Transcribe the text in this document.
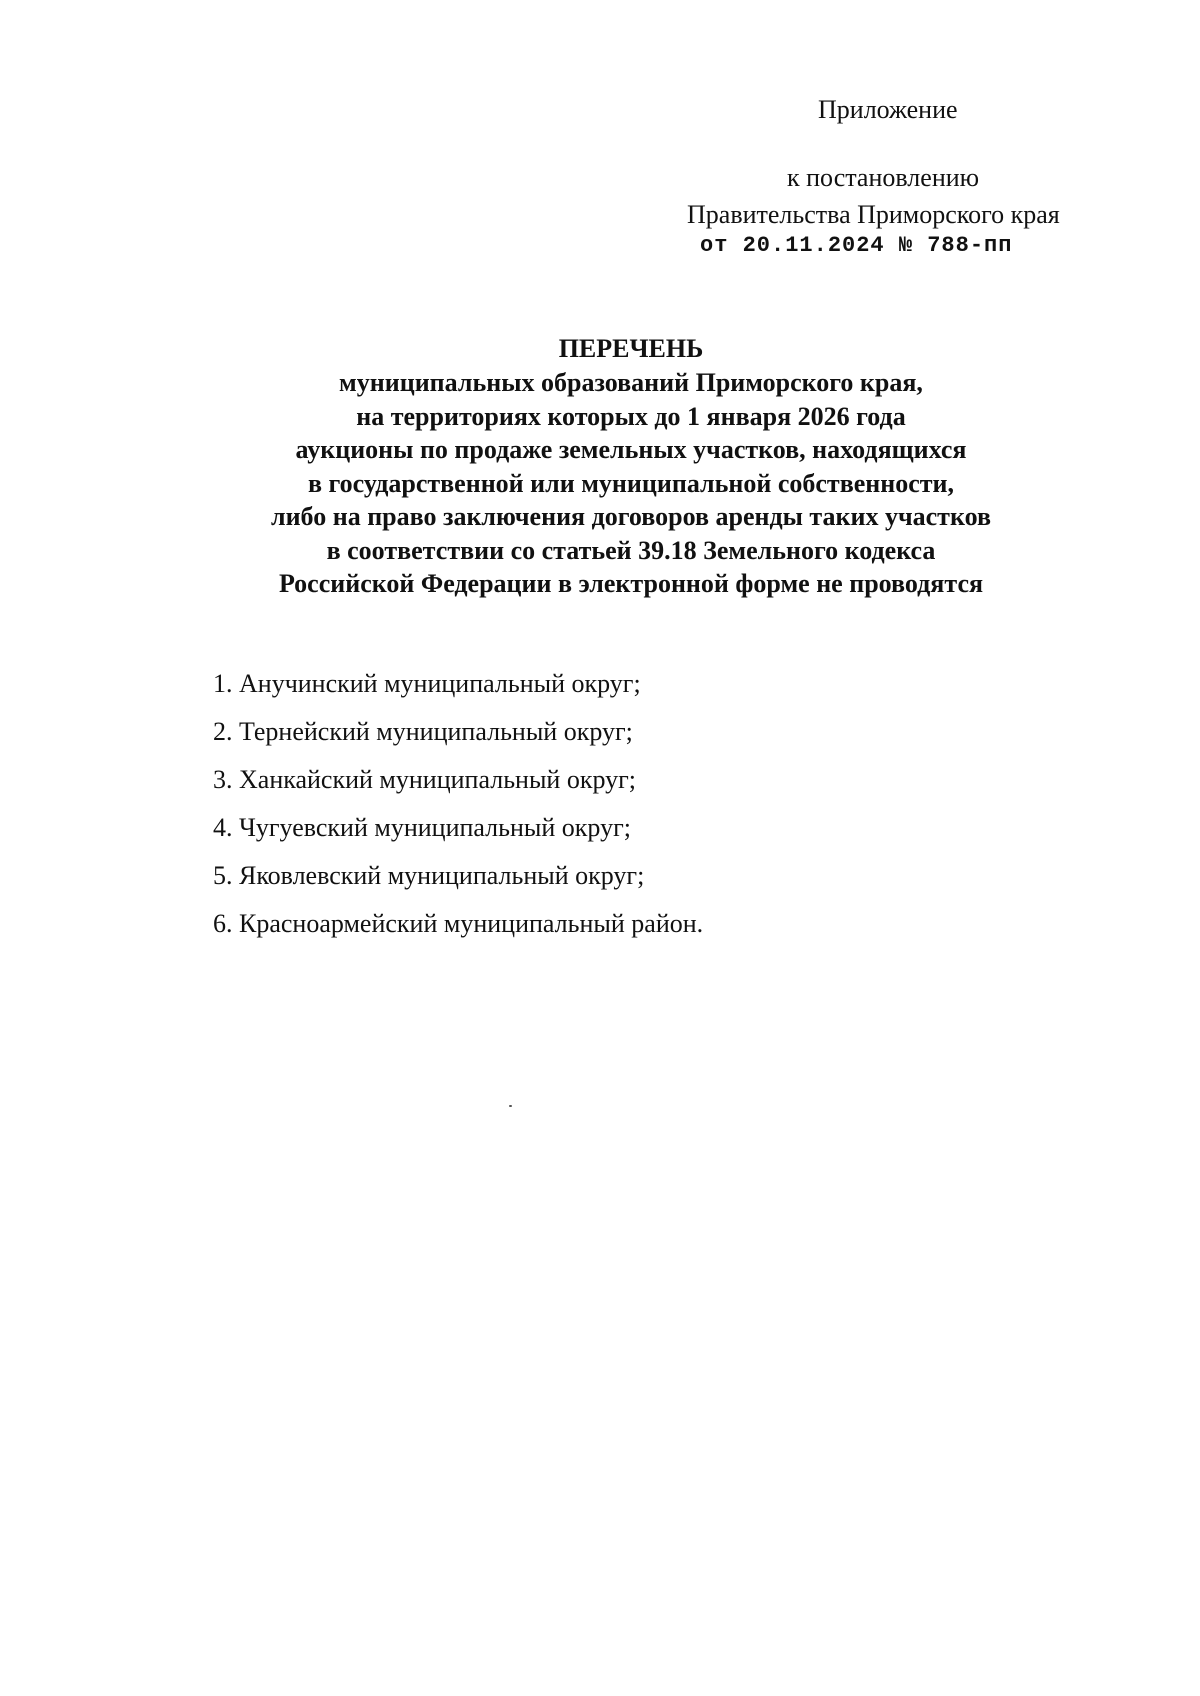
Приложение
к постановлению
Правительства Приморского края
от 20.11.2024 № 788-пп
ПЕРЕЧЕНЬ
муниципальных образований Приморского края,
на территориях которых до 1 января 2026 года
аукционы по продаже земельных участков, находящихся
в государственной или муниципальной собственности,
либо на право заключения договоров аренды таких участков
в соответствии со статьей 39.18 Земельного кодекса
Российской Федерации в электронной форме не проводятся
1. Анучинский муниципальный округ;
2. Тернейский муниципальный округ;
3. Ханкайский муниципальный округ;
4. Чугуевский муниципальный округ;
5. Яковлевский муниципальный округ;
6. Красноармейский муниципальный район.
